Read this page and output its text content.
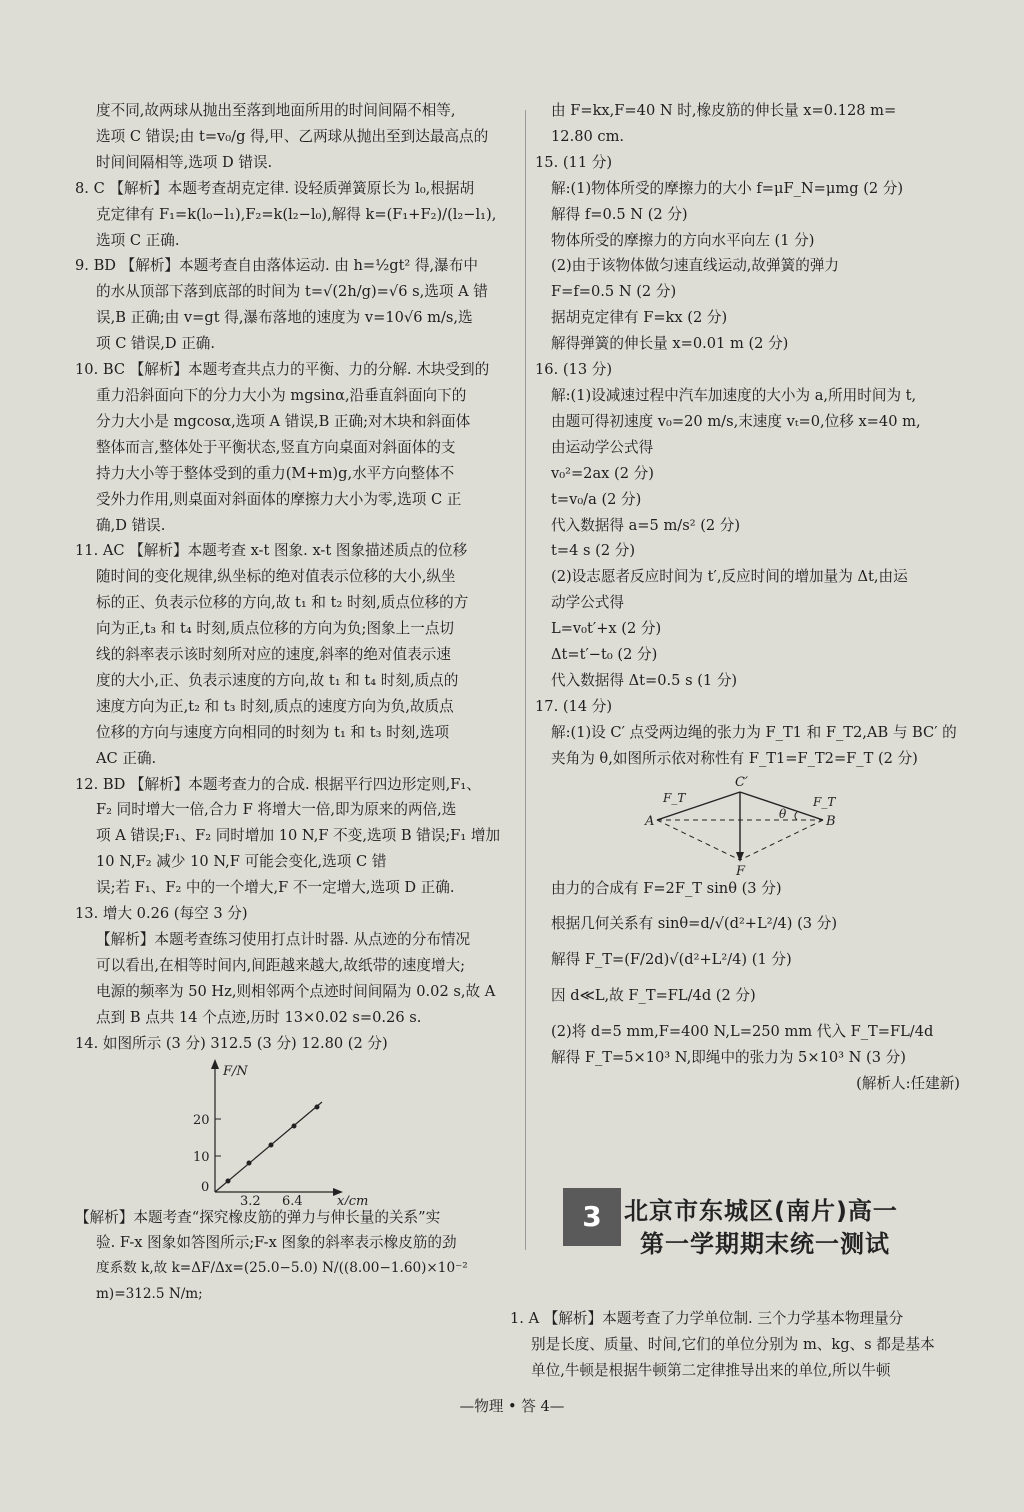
度不同,故两球从抛出至落到地面所用的时间间隔不相等,
选项 C 错误;由 t=v₀/g 得,甲、乙两球从抛出至到达最高点的
时间间隔相等,选项 D 错误.
8. C 【解析】本题考查胡克定律. 设轻质弹簧原长为 l₀,根据胡
克定律有 F₁=k(l₀−l₁),F₂=k(l₂−l₀),解得 k=(F₁+F₂)/(l₂−l₁),
选项 C 正确.
9. BD 【解析】本题考查自由落体运动. 由 h=½gt² 得,瀑布中
的水从顶部下落到底部的时间为 t=√(2h/g)=√6 s,选项 A 错
误,B 正确;由 v=gt 得,瀑布落地的速度为 v=10√6 m/s,选
项 C 错误,D 正确.
10. BC 【解析】本题考查共点力的平衡、力的分解. 木块受到的
重力沿斜面向下的分力大小为 mgsinα,沿垂直斜面向下的
分力大小是 mgcosα,选项 A 错误,B 正确;对木块和斜面体
整体而言,整体处于平衡状态,竖直方向桌面对斜面体的支
持力大小等于整体受到的重力(M+m)g,水平方向整体不
受外力作用,则桌面对斜面体的摩擦力大小为零,选项 C 正
确,D 错误.
11. AC 【解析】本题考查 x-t 图象. x-t 图象描述质点的位移
随时间的变化规律,纵坐标的绝对值表示位移的大小,纵坐
标的正、负表示位移的方向,故 t₁ 和 t₂ 时刻,质点位移的方
向为正,t₃ 和 t₄ 时刻,质点位移的方向为负;图象上一点切
线的斜率表示该时刻所对应的速度,斜率的绝对值表示速
度的大小,正、负表示速度的方向,故 t₁ 和 t₄ 时刻,质点的
速度方向为正,t₂ 和 t₃ 时刻,质点的速度方向为负,故质点
位移的方向与速度方向相同的时刻为 t₁ 和 t₃ 时刻,选项
AC 正确.
12. BD 【解析】本题考查力的合成. 根据平行四边形定则,F₁、
F₂ 同时增大一倍,合力 F 将增大一倍,即为原来的两倍,选
项 A 错误;F₁、F₂ 同时增加 10 N,F 不变,选项 B 错误;F₁ 增加 10 N,F₂ 减少 10 N,F 可能会变化,选项 C 错
误;若 F₁、F₂ 中的一个增大,F 不一定增大,选项 D 正确.
13. 增大 0.26 (每空 3 分)
【解析】本题考查练习使用打点计时器. 从点迹的分布情况
可以看出,在相等时间内,间距越来越大,故纸带的速度增大;
电源的频率为 50 Hz,则相邻两个点迹时间间隔为 0.02 s,故 A
点到 B 点共 14 个点迹,历时 13×0.02 s=0.26 s.
14. 如图所示 (3 分) 312.5 (3 分) 12.80 (2 分)
F/N
20
10
0
3.2 6.4	x/cm
【解析】本题考查“探究橡皮筋的弹力与伸长量的关系”实
验. F-x 图象如答图所示;F-x 图象的斜率表示橡皮筋的劲
度系数 k,故 k=ΔF/Δx=(25.0−5.0) N/((8.00−1.60)×10⁻² m)=312.5 N/m;
由 F=kx,F=40 N 时,橡皮筋的伸长量 x=0.128 m=
12.80 cm.
15. (11 分)
解:(1)物体所受的摩擦力的大小 f=μF_N=μmg (2 分)
解得 f=0.5 N (2 分)
物体所受的摩擦力的方向水平向左 (1 分)
(2)由于该物体做匀速直线运动,故弹簧的弹力
F=f=0.5 N (2 分)
据胡克定律有 F=kx (2 分)
解得弹簧的伸长量 x=0.01 m (2 分)
16. (13 分)
解:(1)设减速过程中汽车加速度的大小为 a,所用时间为 t,
由题可得初速度 v₀=20 m/s,末速度 vₜ=0,位移 x=40 m,
由运动学公式得
v₀²=2ax (2 分)
t=v₀/a (2 分)
代入数据得 a=5 m/s² (2 分)
t=4 s (2 分)
(2)设志愿者反应时间为 t′,反应时间的增加量为 Δt,由运
动学公式得
L=v₀t′+x (2 分)
Δt=t′−t₀ (2 分)
代入数据得 Δt=0.5 s (1 分)
17. (14 分)
解:(1)设 C′ 点受两边绳的张力为 F_T1 和 F_T2,AB 与 BC′ 的
夹角为 θ,如图所示依对称性有 F_T1=F_T2=F_T (2 分)
A	B
C′
F
F_T	F_T
θ
由力的合成有 F=2F_T sinθ (3 分)
根据几何关系有 sinθ=d/√(d²+L²/4) (3 分)
解得 F_T=(F/2d)√(d²+L²/4) (1 分)
因 d≪L,故 F_T=FL/4d (2 分)
(2)将 d=5 mm,F=400 N,L=250 mm 代入 F_T=FL/4d
解得 F_T=5×10³ N,即绳中的张力为 5×10³ N (3 分)
(解析人:任建新)
3 北京市东城区(南片)高一
第一学期期末统一测试
1. A 【解析】本题考查了力学单位制. 三个力学基本物理量分
别是长度、质量、时间,它们的单位分别为 m、kg、s 都是基本
单位,牛顿是根据牛顿第二定律推导出来的单位,所以牛顿
—物理 • 答 4—
